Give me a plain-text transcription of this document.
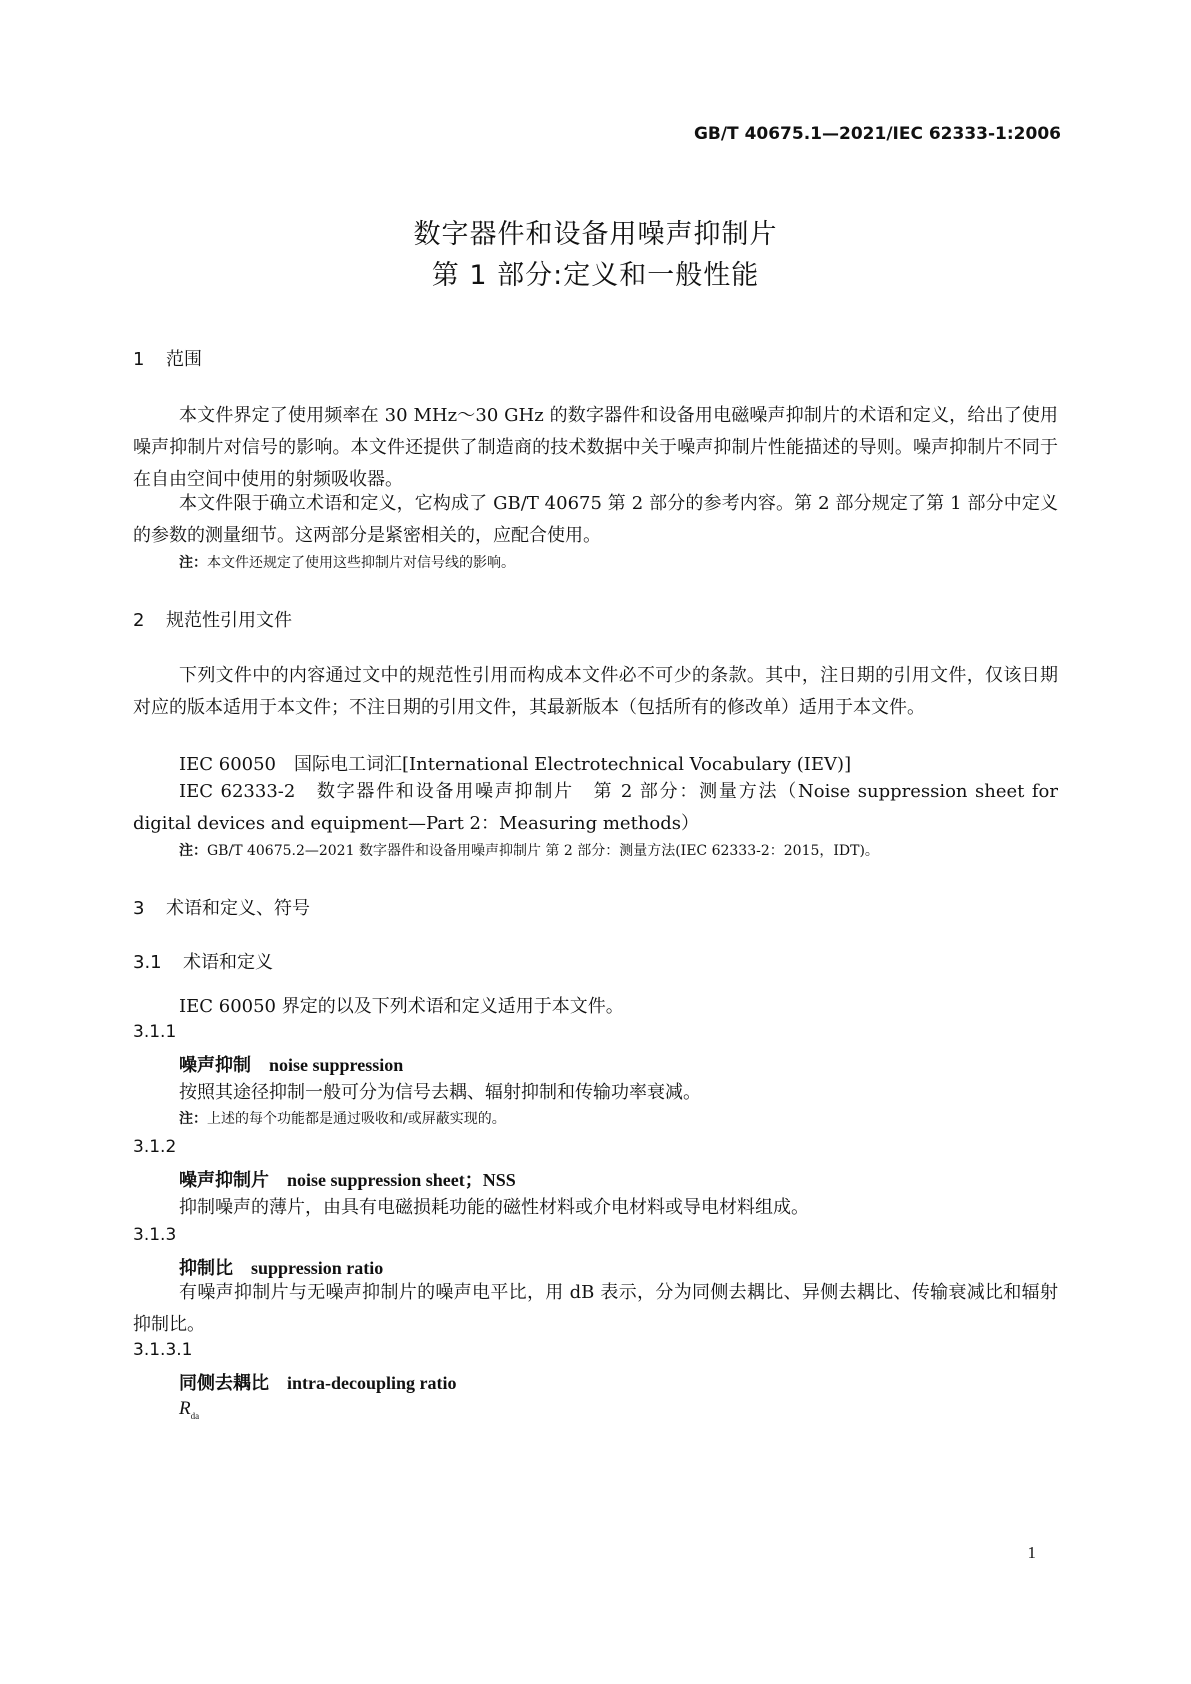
GB/T 40675.1—2021/IEC 62333-1:2006
数字器件和设备用噪声抑制片
第 1 部分:定义和一般性能
1 范围

本文件界定了使用频率在 30 MHz～30 GHz 的数字器件和设备用电磁噪声抑制片的术语和定义，给出了使用噪声抑制片对信号的影响。本文件还提供了制造商的技术数据中关于噪声抑制片性能描述的导则。噪声抑制片不同于在自由空间中使用的射频吸收器。

本文件限于确立术语和定义，它构成了 GB/T 40675 第 2 部分的参考内容。第 2 部分规定了第 1 部分中定义的参数的测量细节。这两部分是紧密相关的，应配合使用。

注：本文件还规定了使用这些抑制片对信号线的影响。
2 规范性引用文件

下列文件中的内容通过文中的规范性引用而构成本文件必不可少的条款。其中，注日期的引用文件，仅该日期对应的版本适用于本文件；不注日期的引用文件，其最新版本（包括所有的修改单）适用于本文件。

IEC 60050　国际电工词汇[International Electrotechnical Vocabulary (IEV)]

IEC 62333-2　数字器件和设备用噪声抑制片　第 2 部分：测量方法（Noise suppression sheet for digital devices and equipment—Part 2：Measuring methods）

注：GB/T 40675.2—2021 数字器件和设备用噪声抑制片 第 2 部分：测量方法(IEC 62333-2：2015，IDT)。
3 术语和定义、符号
3.1 术语和定义
IEC 60050 界定的以及下列术语和定义适用于本文件。
3.1.1
噪声抑制 noise suppression
按照其途径抑制一般可分为信号去耦、辐射抑制和传输功率衰减。
注：上述的每个功能都是通过吸收和/或屏蔽实现的。
3.1.2
噪声抑制片 noise suppression sheet；NSS
抑制噪声的薄片，由具有电磁损耗功能的磁性材料或介电材料或导电材料组成。
3.1.3
抑制比 suppression ratio

有噪声抑制片与无噪声抑制片的噪声电平比，用 dB 表示，分为同侧去耦比、异侧去耦比、传输衰减比和辐射抑制比。

3.1.3.1
同侧去耦比 intra-decoupling ratio
$R_{da}$
1
